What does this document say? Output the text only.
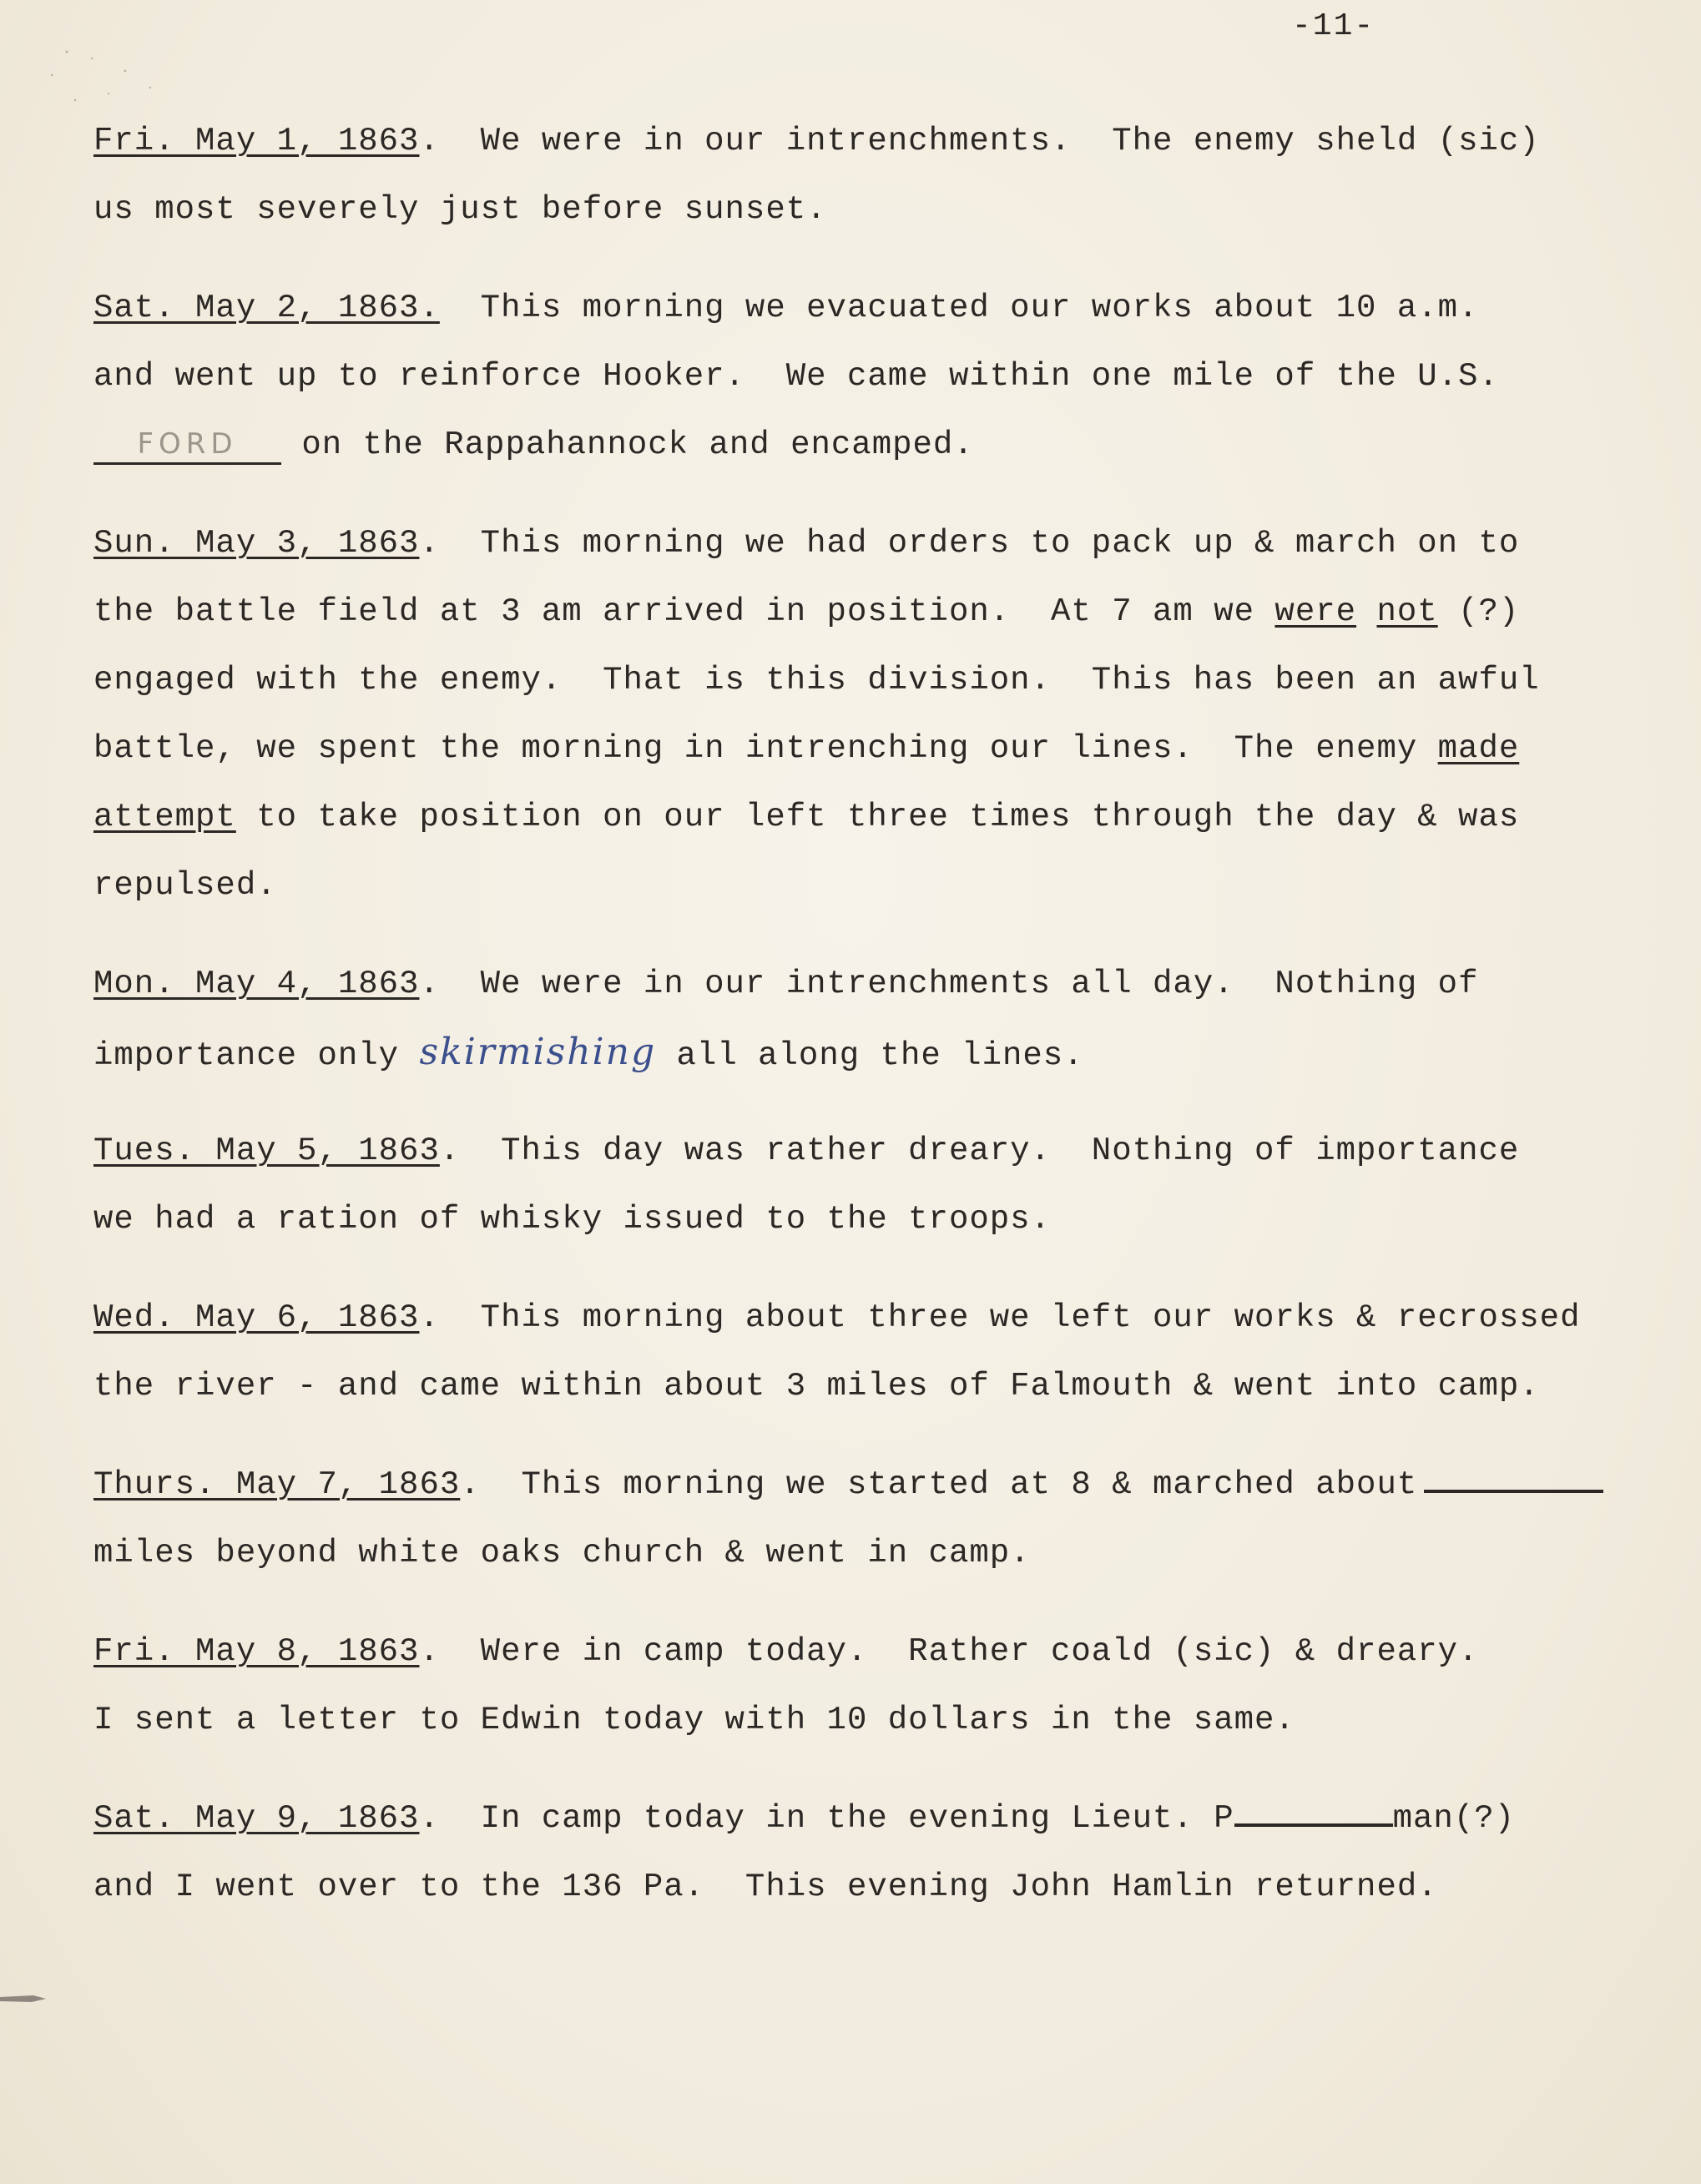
-11-
Fri. May 1, 1863.  We were in our intrenchments.  The enemy sheld (sic)
us most severely just before sunset.
Sat. May 2, 1863.  This morning we evacuated our works about 10 a.m.
and went up to reinforce Hooker.  We came within one mile of the U.S.
FORD on the Rappahannock and encamped.
Sun. May 3, 1863.  This morning we had orders to pack up & march on to
the battle field at 3 am arrived in position.  At 7 am we were not (?)
engaged with the enemy.  That is this division.  This has been an awful
battle, we spent the morning in intrenching our lines.  The enemy made
attempt to take position on our left three times through the day & was
repulsed.
Mon. May 4, 1863.  We were in our intrenchments all day.  Nothing of
importance only skirmishing all along the lines.
Tues. May 5, 1863.  This day was rather dreary.  Nothing of importance
we had a ration of whisky issued to the troops.
Wed. May 6, 1863.  This morning about three we left our works & recrossed
the river - and came within about 3 miles of Falmouth & went into camp.
Thurs. May 7, 1863.  This morning we started at 8 & marched about
miles beyond white oaks church & went in camp.
Fri. May 8, 1863.  Were in camp today.  Rather coald (sic) & dreary.
I sent a letter to Edwin today with 10 dollars in the same.
Sat. May 9, 1863.  In camp today in the evening Lieut. P	man(?)
and I went over to the 136 Pa.  This evening John Hamlin returned.
